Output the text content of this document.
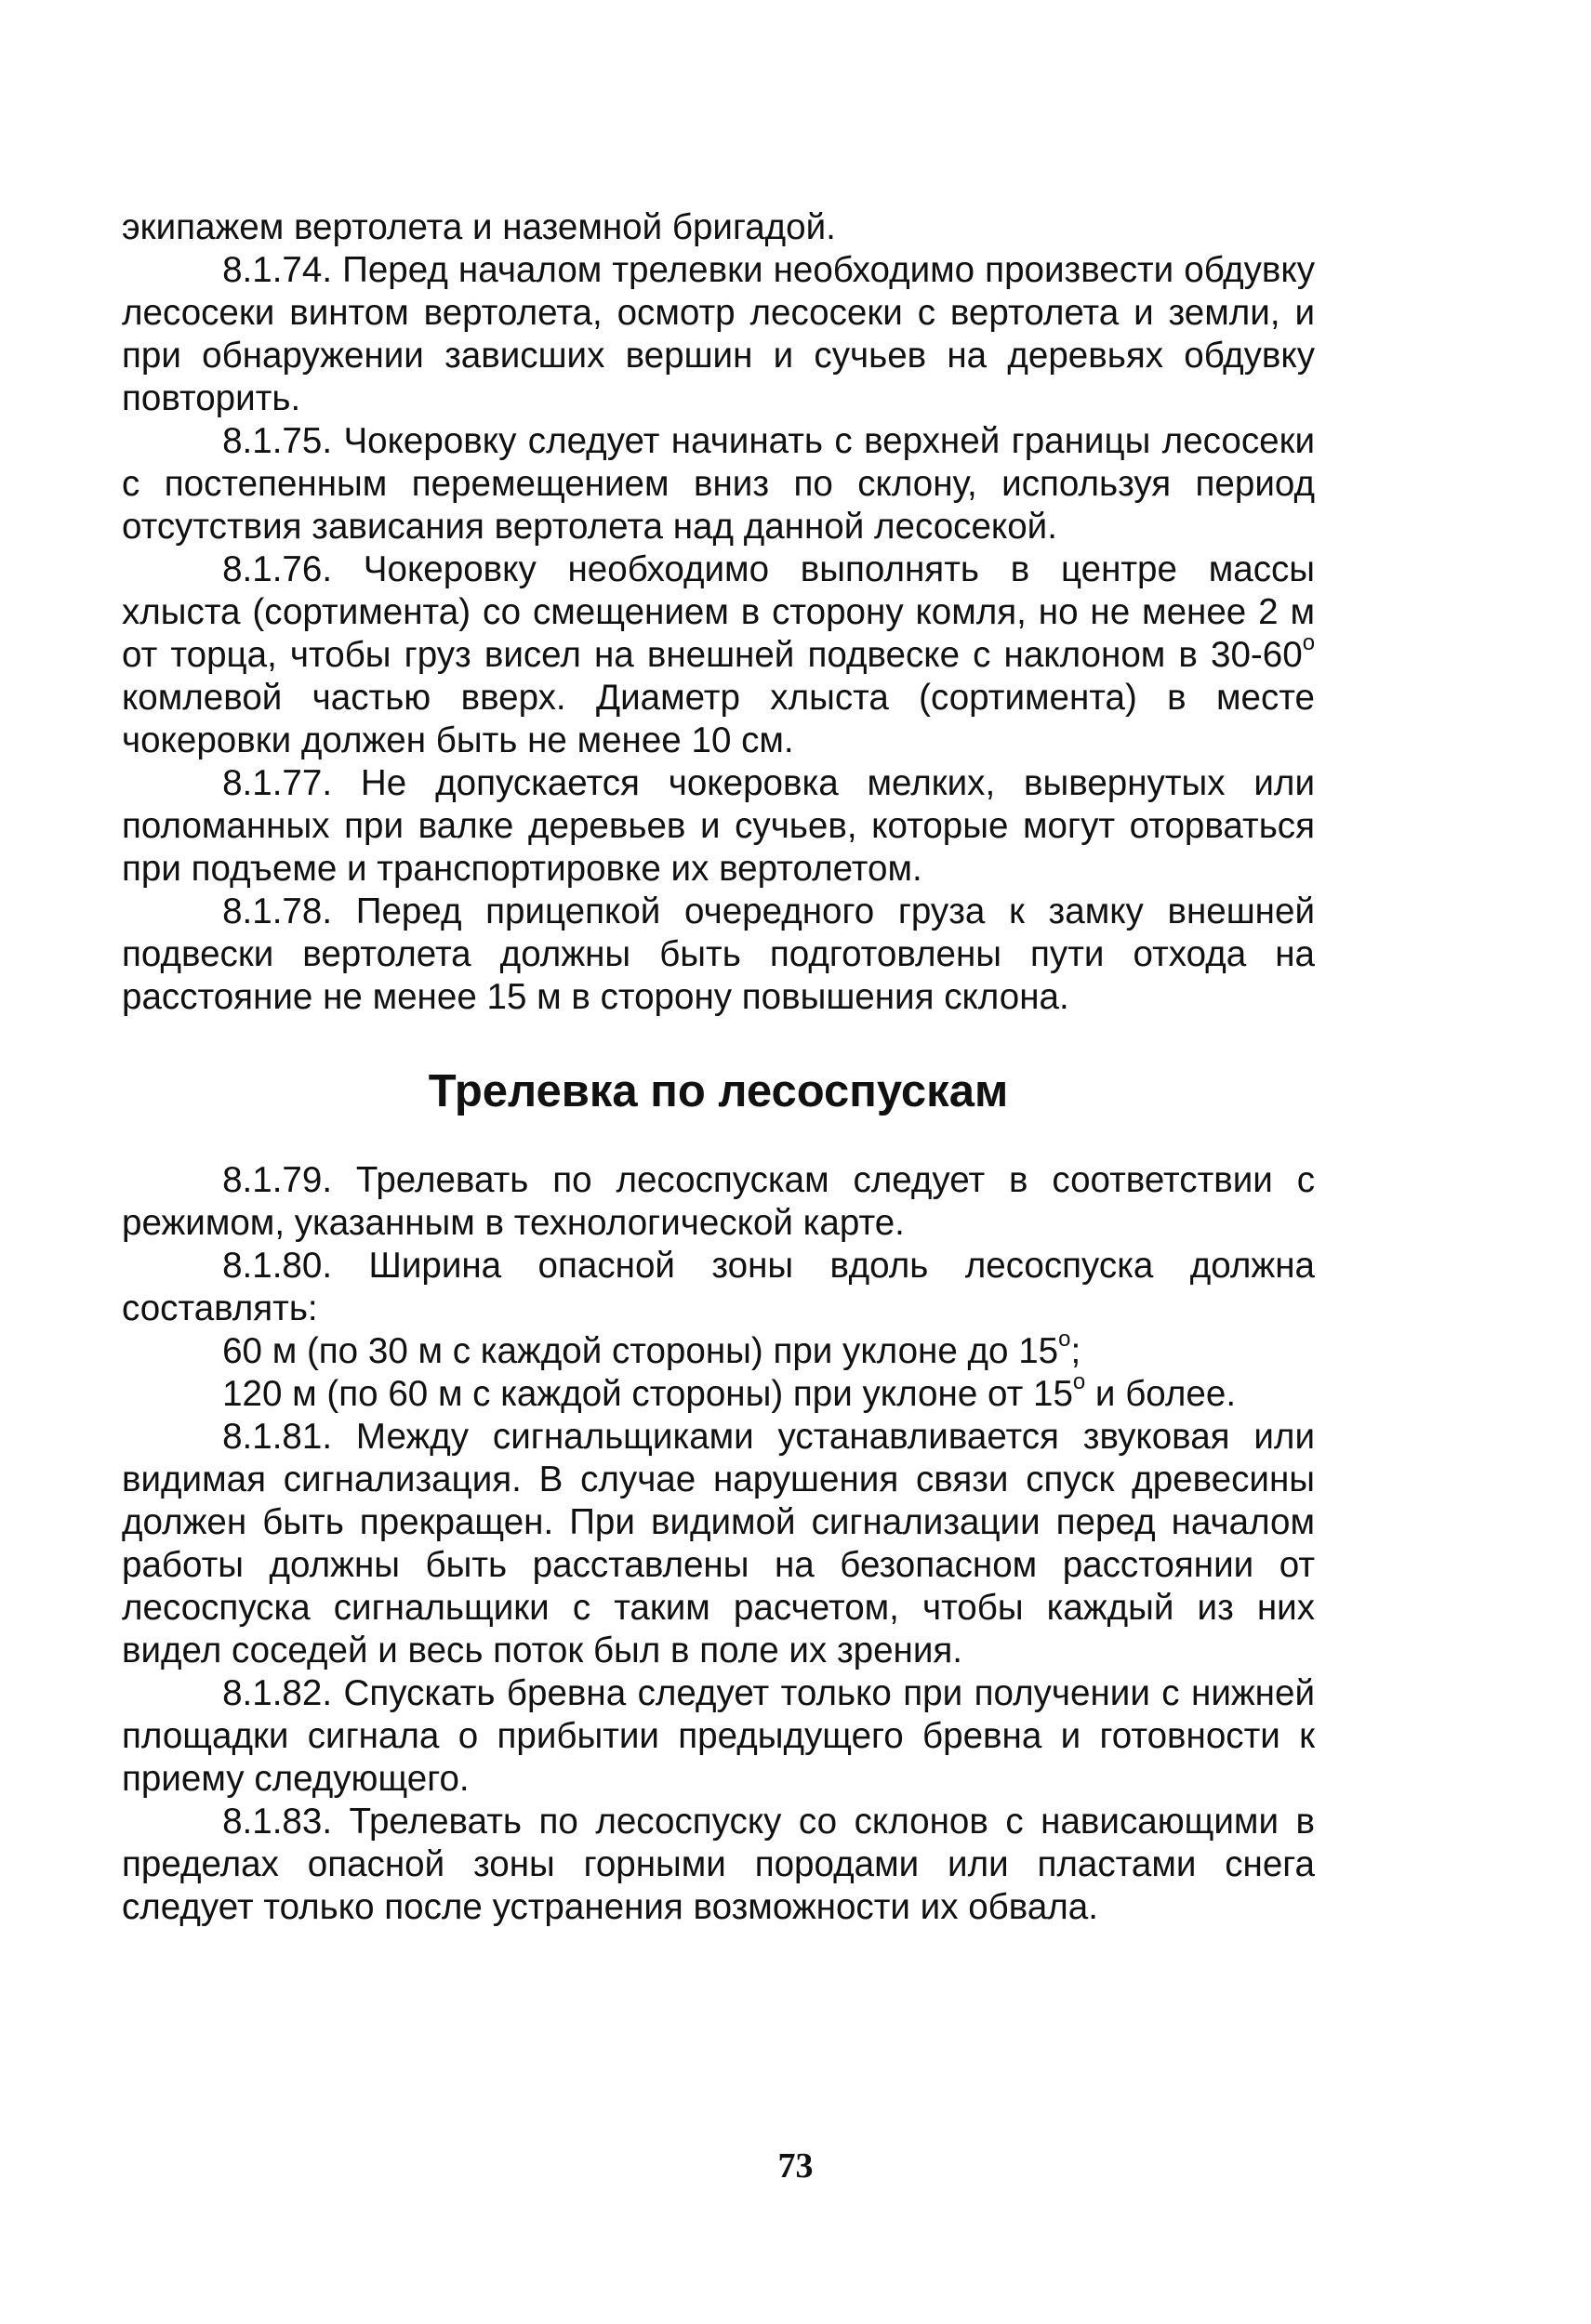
экипажем вертолета и наземной бригадой.

8.1.74. Перед началом трелевки необходимо произвести обдувку лесосеки винтом вертолета, осмотр лесосеки с вертолета и земли, и при обнаружении зависших вершин и сучьев на деревьях обдувку повторить.

8.1.75. Чокеровку следует начинать с верхней границы лесосеки с постепенным перемещением вниз по склону, используя период отсутствия зависания вертолета над данной лесосекой.

8.1.76. Чокеровку необходимо выполнять в центре массы хлыста (сортимента) со смещением в сторону комля, но не менее 2 м от торца, чтобы груз висел на внешней подвеске с наклоном в $30-60^о$ комлевой частью вверх. Диаметр хлыста (сортимента) в месте чокеровки должен быть не менее 10 см.

8.1.77. Не допускается чокеровка мелких, вывернутых или поломанных при валке деревьев и сучьев, которые могут оторваться при подъеме и транспортировке их вертолетом.

8.1.78. Перед прицепкой очередного груза к замку внешней подвески вертолета должны быть подготовлены пути отхода на расстояние не менее 15 м в сторону повышения склона.

Трелевка по лесоспускам

8.1.79. Трелевать по лесоспускам следует в соответствии с режимом, указанным в технологической карте.

8.1.80. Ширина опасной зоны вдоль лесоспуска должна составлять:

60 м (по 30 м с каждой стороны) при уклоне до $15^о$;

120 м (по 60 м с каждой стороны) при уклоне от $15^о$ и более.

8.1.81. Между сигнальщиками устанавливается звуковая или видимая сигнализация. В случае нарушения связи спуск древесины должен быть прекращен. При видимой сигнализации перед началом работы должны быть расставлены на безопасном расстоянии от лесоспуска сигнальщики с таким расчетом, чтобы каждый из них видел соседей и весь поток был в поле их зрения.

8.1.82. Спускать бревна следует только при получении с нижней площадки сигнала о прибытии предыдущего бревна и готовности к приему следующего.

8.1.83. Трелевать по лесоспуску со склонов с нависающими в пределах опасной зоны горными породами или пластами снега следует только после устранения возможности их обвала.

73
